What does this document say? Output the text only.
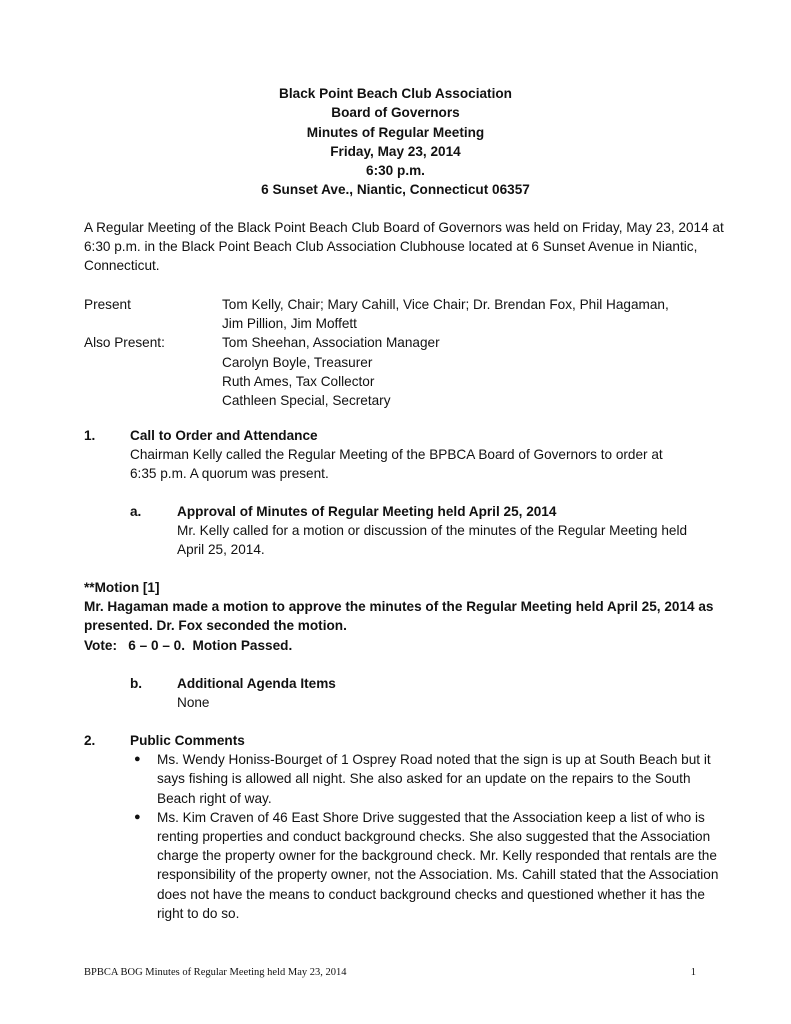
Black Point Beach Club Association
Board of Governors
Minutes of Regular Meeting
Friday, May 23, 2014
6:30 p.m.
6 Sunset Ave., Niantic, Connecticut 06357
A Regular Meeting of the Black Point Beach Club Board of Governors was held on Friday, May 23, 2014 at 6:30 p.m. in the Black Point Beach Club Association Clubhouse located at 6 Sunset Avenue in Niantic, Connecticut.
Present	Tom Kelly, Chair; Mary Cahill, Vice Chair; Dr. Brendan Fox, Phil Hagaman,
Jim Pillion, Jim Moffett
Also Present:	Tom Sheehan, Association Manager
Carolyn Boyle, Treasurer
Ruth Ames, Tax Collector
Cathleen Special, Secretary
1.	Call to Order and Attendance
Chairman Kelly called the Regular Meeting of the BPBCA Board of Governors to order at 6:35 p.m. A quorum was present.
a.	Approval of Minutes of Regular Meeting held April 25, 2014
Mr. Kelly called for a motion or discussion of the minutes of the Regular Meeting held April 25, 2014.
**Motion [1]
Mr. Hagaman made a motion to approve the minutes of the Regular Meeting held April 25, 2014 as presented. Dr. Fox seconded the motion.
Vote:   6 – 0 – 0.  Motion Passed.
b.	Additional Agenda Items
None
2.	Public Comments
●	Ms. Wendy Honiss-Bourget of 1 Osprey Road noted that the sign is up at South Beach but it says fishing is allowed all night. She also asked for an update on the repairs to the South Beach right of way.
●	Ms. Kim Craven of 46 East Shore Drive suggested that the Association keep a list of who is renting properties and conduct background checks. She also suggested that the Association charge the property owner for the background check. Mr. Kelly responded that rentals are the responsibility of the property owner, not the Association. Ms. Cahill stated that the Association does not have the means to conduct background checks and questioned whether it has the right to do so.
BPBCA BOG Minutes of Regular Meeting held May 23, 2014	1
